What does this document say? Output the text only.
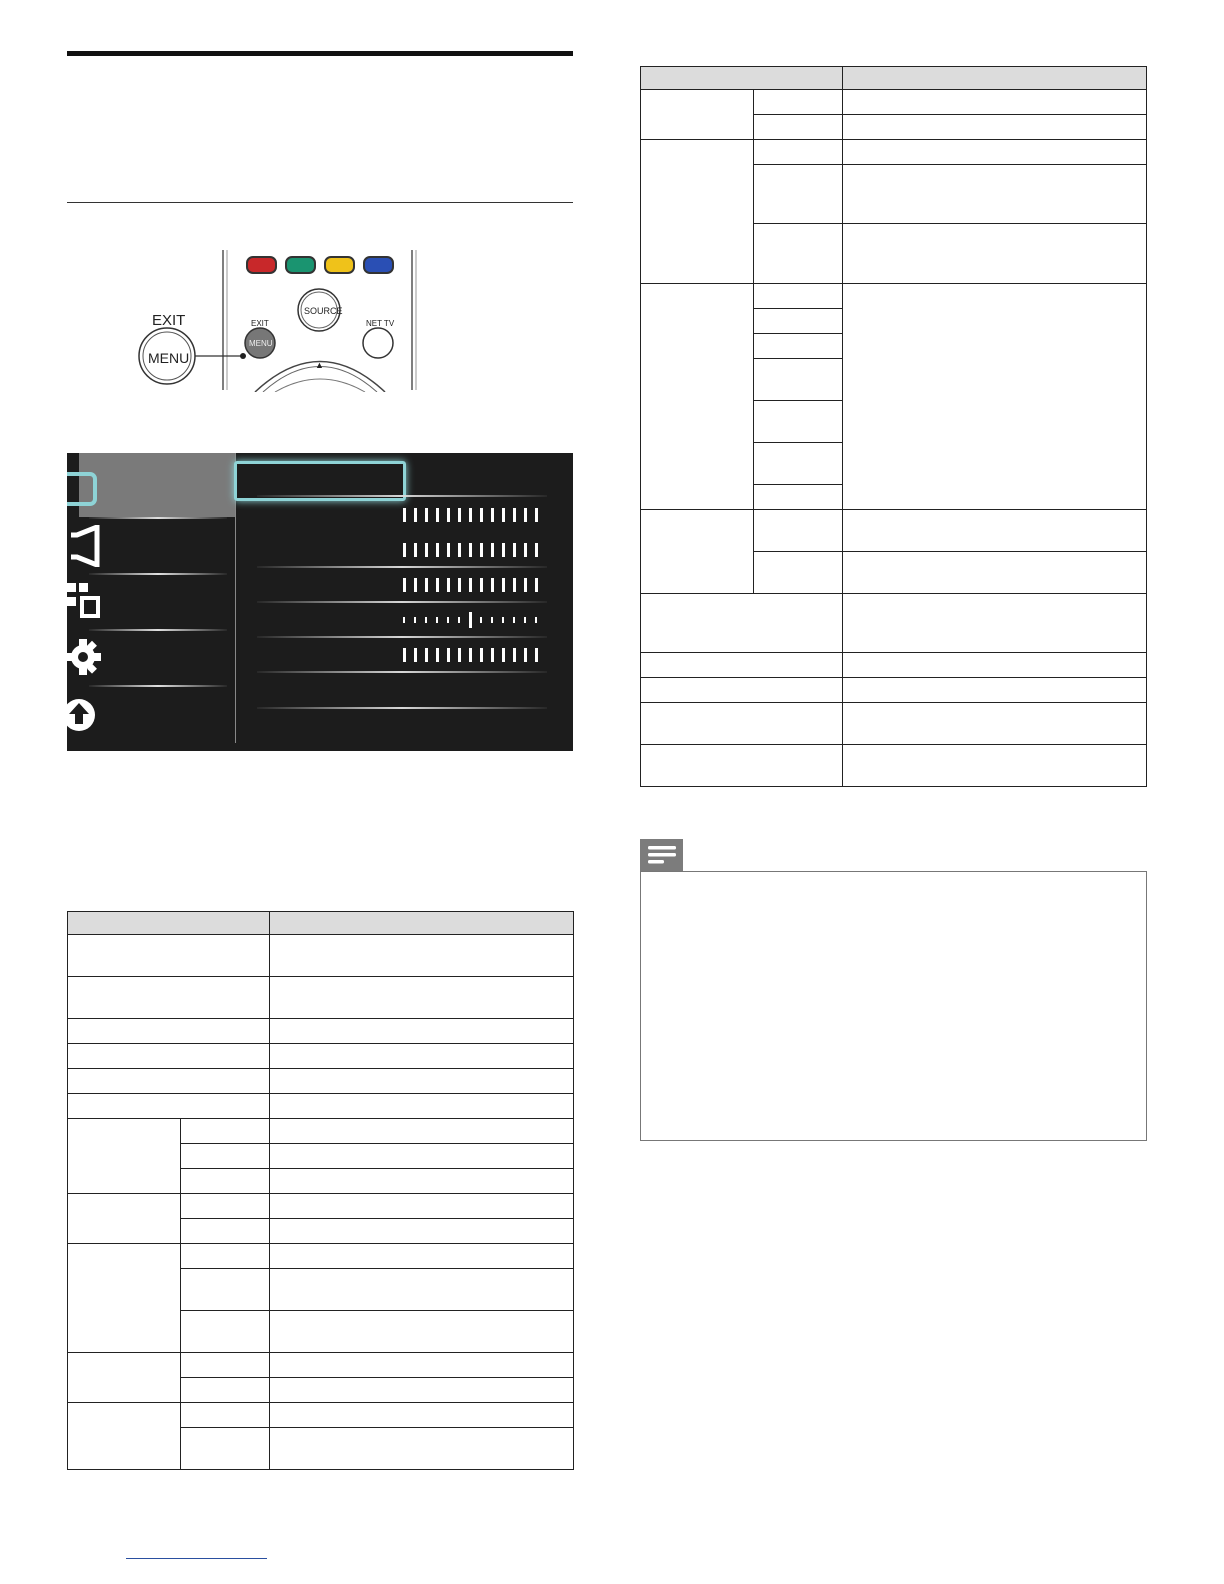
EXIT
MENU
EXIT
MENU
SOURCE
NET TV
▲
